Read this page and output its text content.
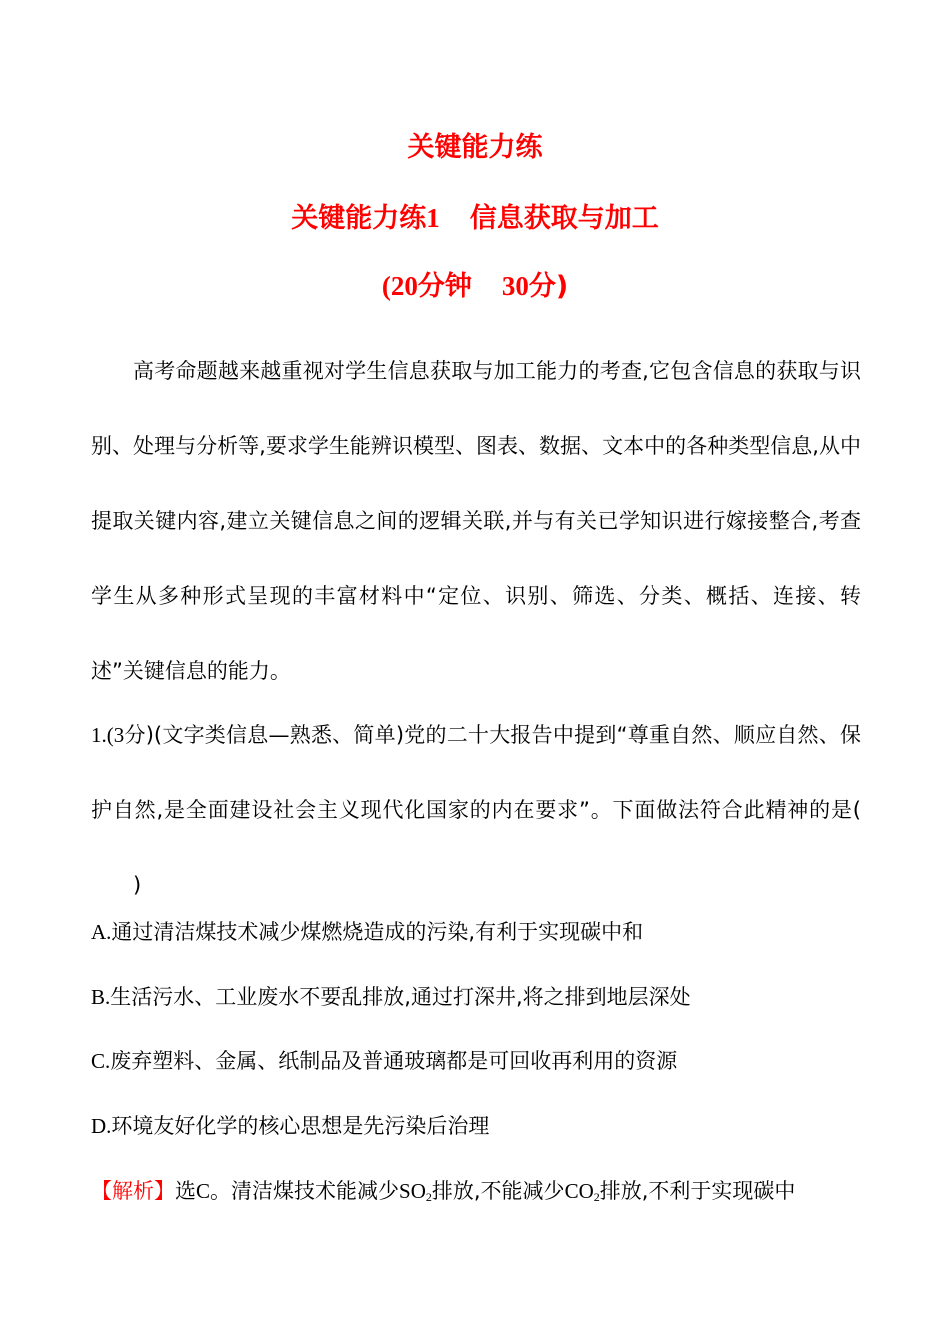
关键能力练
关键能力练1 信息获取与加工
(20分钟 30分)

高考命题越来越重视对学生信息获取与加工能力的考查,它包含信息的获取与识别、处理与分析等,要求学生能辨识模型、图表、数据、文本中的各种类型信息,从中提取关键内容,建立关键信息之间的逻辑关联,并与有关已学知识进行嫁接整合,考查学生从多种形式呈现的丰富材料中“定位、识别、筛选、分类、概括、连接、转述”关键信息的能力。

1.(3分)(文字类信息—熟悉、简单)党的二十大报告中提到“尊重自然、顺应自然、保护自然,是全面建设社会主义现代化国家的内在要求”。下面做法符合此精神的是()

A.通过清洁煤技术减少煤燃烧造成的污染,有利于实现碳中和

B.生活污水、工业废水不要乱排放,通过打深井,将之排到地层深处

C.废弃塑料、金属、纸制品及普通玻璃都是可回收再利用的资源

D.环境友好化学的核心思想是先污染后治理

【解析】选C。清洁煤技术能减少$SO_2$排放,不能减少$CO_2$排放,不利于实现碳中
